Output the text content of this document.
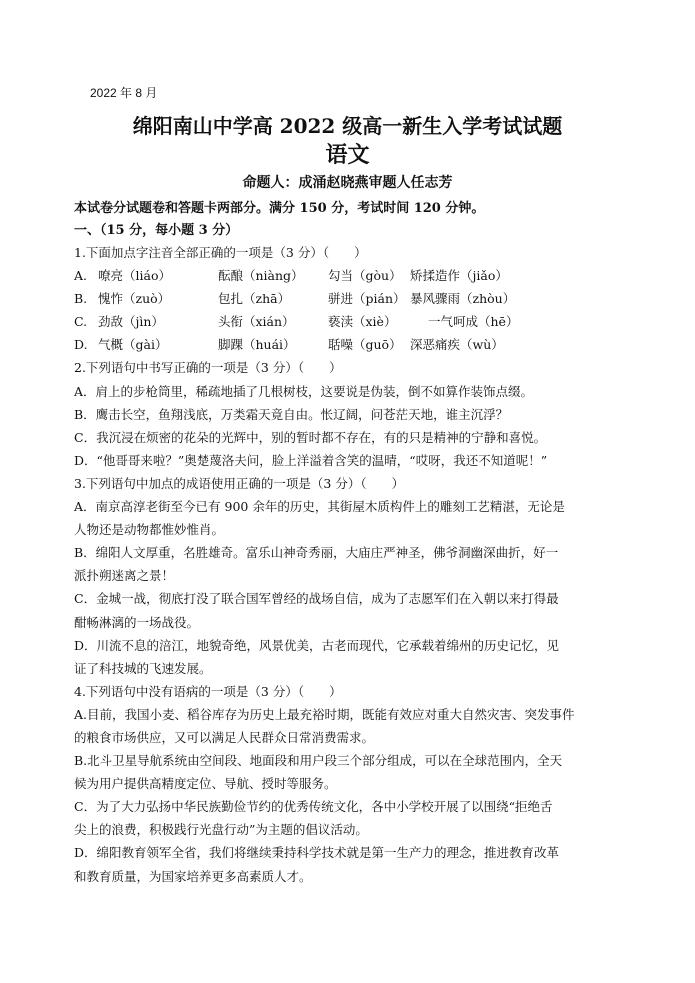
2022 年 8 月
绵阳南山中学高 2022 级高一新生入学考试试题
语文
命题人：成涌赵晓燕审题人任志芳
本试卷分试题卷和答题卡两部分。满分 150 分，考试时间 120 分钟。
一、（15 分，每小题 3 分）
1.下面加点字注音全部正确的一项是（3 分）（　　）
A. 嘹亮（liáo）	酝酿（niàng）	勾当（gòu） 矫揉造作（jiǎo）
B. 愧怍（zuò）	包扎（zhā）	骈进（pián） 暴风骤雨（zhòu）
C. 劲敌（jìn）	头衔（xián）	亵渎（xiè）	一气呵成（hē）
D. 气概（gài）	脚踝（huái）	聒噪（guō） 深恶痛疾（wù）
2.下列语句中书写正确的一项是（3 分）（　　）
A．肩上的步枪筒里，稀疏地插了几根树枝，这要说是伪装，倒不如算作装饰点缀。
B．鹰击长空，鱼翔浅底，万类霜天竟自由。怅辽阔，问苍茫天地，谁主沉浮？
C．我沉浸在烦密的花朵的光辉中，别的暂时都不存在，有的只是精神的宁静和喜悦。
D．“他哥哥来啦？”奥楚蔑洛夫问，脸上洋溢着含笑的温晴，“哎呀，我还不知道呢！”
3.下列语句中加点的成语使用正确的一项是（3 分）（　　）
A．南京高淳老街至今已有 900 余年的历史，其街屋木质构件上的雕刻工艺精湛，无论是
人物还是动物都惟妙惟肖。
B．绵阳人文厚重，名胜雄奇。富乐山神奇秀丽，大庙庄严神圣，佛爷洞幽深曲折，好一
派扑朔迷离之景！
C．金城一战，彻底打没了联合国军曾经的战场自信，成为了志愿军们在入朝以来打得最
酣畅淋漓的一场战役。
D．川流不息的涪江，地貌奇绝，风景优美，古老而现代，它承载着绵州的历史记忆，见
证了科技城的飞速发展。
4.下列语句中没有语病的一项是（3 分）（　　）
A.目前，我国小麦、稻谷库存为历史上最充裕时期，既能有效应对重大自然灾害、突发事件
的粮食市场供应，又可以满足人民群众日常消费需求。
B.北斗卫星导航系统由空间段、地面段和用户段三个部分组成，可以在全球范围内，全天
候为用户提供高精度定位、导航、授时等服务。
C．为了大力弘扬中华民族勤俭节约的优秀传统文化，各中小学校开展了以围绕“拒绝舌
尖上的浪费，积极践行光盘行动”为主题的倡议活动。
D．绵阳教育领军全省，我们将继续秉持科学技术就是第一生产力的理念，推进教育改革
和教育质量，为国家培养更多高素质人才。
